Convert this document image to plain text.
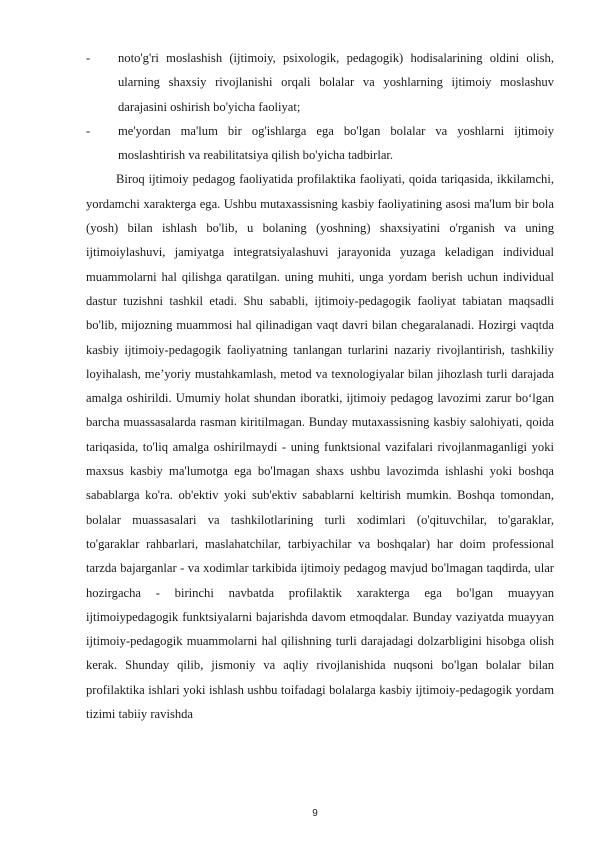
- noto'g'ri moslashish (ijtimoiy, psixologik, pedagogik) hodisalarining oldini olish, ularning shaxsiy rivojlanishi orqali bolalar va yoshlarning ijtimoiy moslashuv darajasini oshirish bo'yicha faoliyat;
- me'yordan ma'lum bir og'ishlarga ega bo'lgan bolalar va yoshlarni ijtimoiy moslashtirish va reabilitatsiya qilish bo'yicha tadbirlar.

Biroq ijtimoiy pedagog faoliyatida profilaktika faoliyati, qoida tariqasida, ikkilamchi, yordamchi xarakterga ega. Ushbu mutaxassisning kasbiy faoliyatining asosi ma'lum bir bola (yosh) bilan ishlash bo'lib, u bolaning (yoshning) shaxsiyatini o'rganish va uning ijtimoiylashuvi, jamiyatga integratsiyalashuvi jarayonida yuzaga keladigan individual muammolarni hal qilishga qaratilgan. uning muhiti, unga yordam berish uchun individual dastur tuzishni tashkil etadi. Shu sababli, ijtimoiy-pedagogik faoliyat tabiatan maqsadli bo'lib, mijozning muammosi hal qilinadigan vaqt davri bilan chegaralanadi. Hozirgi vaqtda kasbiy ijtimoiy-pedagogik faoliyatning tanlangan turlarini nazariy rivojlantirish, tashkiliy loyihalash, me’yoriy mustahkamlash, metod va texnologiyalar bilan jihozlash turli darajada amalga oshirildi. Umumiy holat shundan iboratki, ijtimoiy pedagog lavozimi zarur bo‘lgan barcha muassasalarda rasman kiritilmagan. Bunday mutaxassisning kasbiy salohiyati, qoida tariqasida, to'liq amalga oshirilmaydi - uning funktsional vazifalari rivojlanmaganligi yoki maxsus kasbiy ma'lumotga ega bo'lmagan shaxs ushbu lavozimda ishlashi yoki boshqa sabablarga ko'ra. ob'ektiv yoki sub'ektiv sabablarni keltirish mumkin. Boshqa tomondan, bolalar muassasalari va tashkilotlarining turli xodimlari (o'qituvchilar, to'garaklar, to'garaklar rahbarlari, maslahatchilar, tarbiyachilar va boshqalar) har doim professional tarzda bajarganlar - va xodimlar tarkibida ijtimoiy pedagog mavjud bo'lmagan taqdirda, ular hozirgacha - birinchi navbatda profilaktik xarakterga ega bo'lgan muayyan ijtimoiypedagogik funktsiyalarni bajarishda davom etmoqdalar. Bunday vaziyatda muayyan ijtimoiy-pedagogik muammolarni hal qilishning turli darajadagi dolzarbligini hisobga olish kerak. Shunday qilib, jismoniy va aqliy rivojlanishida nuqsoni bo'lgan bolalar bilan profilaktika ishlari yoki ishlash ushbu toifadagi bolalarga kasbiy ijtimoiy-pedagogik yordam tizimi tabiiy ravishda

9
